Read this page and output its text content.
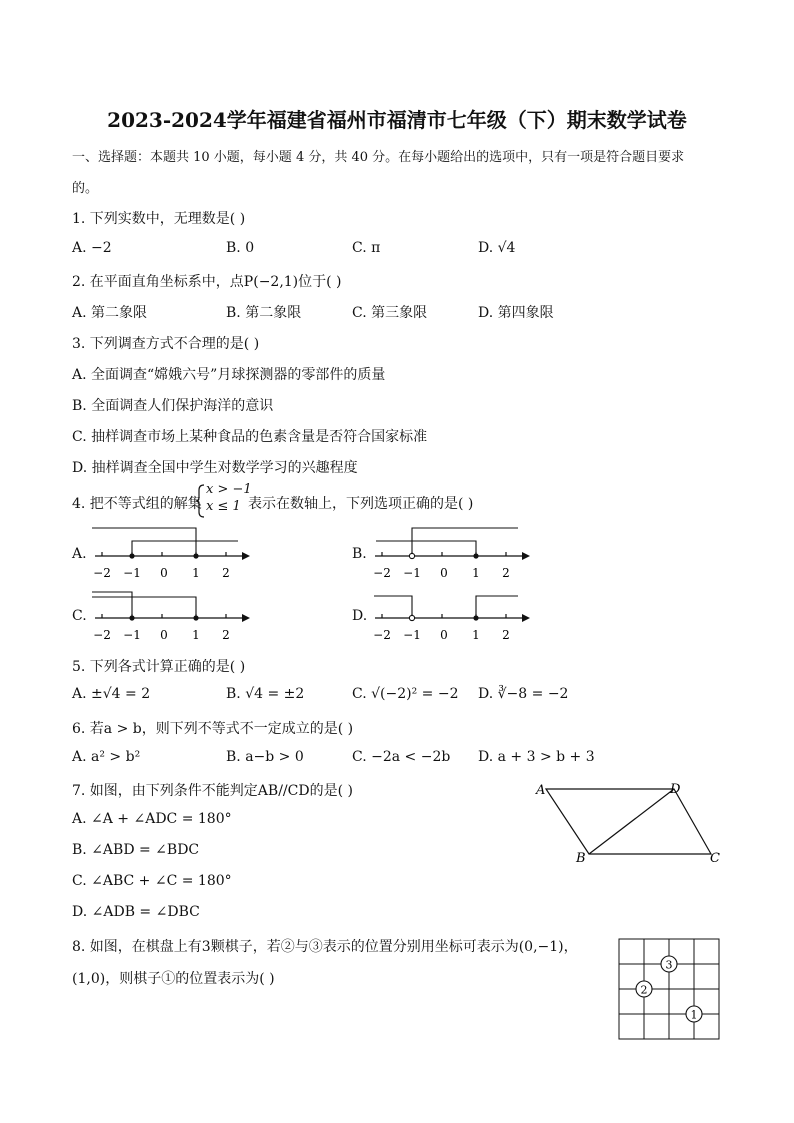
2023-2024学年福建省福州市福清市七年级（下）期末数学试卷
一、选择题：本题共 10 小题，每小题 4 分，共 40 分。在每小题给出的选项中，只有一项是符合题目要求
的。
1. 下列实数中，无理数是( )
A. −2	B. 0	C. π	D. √4
2. 在平面直角坐标系中，点P(−2,1)位于( )
A. 第二象限	B. 第二象限	C. 第三象限	D. 第四象限
3. 下列调查方式不合理的是( )
A. 全面调查“嫦娥六号”月球探测器的零部件的质量
B. 全面调查人们保护海洋的意识
C. 抽样调查市场上某种食品的色素含量是否符合国家标准
D. 抽样调查全国中学生对数学学习的兴趣程度
4. 把不等式组的解集
x > −1
x ≤ 1 表示在数轴上，下列选项正确的是( )
A.	B.
C.	D.
−2 −1 0 1 2	−2 −1 0 1 2
−2 −1 0 1 2	−2 −1 0 1 2
5. 下列各式计算正确的是( )
A. ±√4 = 2	B. √4 = ±2	C. √(−2)² = −2 D. ∛−8 = −2
6. 若a > b，则下列不等式不一定成立的是( )
A. a² > b²	B. a−b > 0	C. −2a < −2b D. a + 3 > b + 3
7. 如图，由下列条件不能判定AB//CD的是( )
A. ∠A + ∠ADC = 180°
B. ∠ABD = ∠BDC
C. ∠ABC + ∠C = 180°
D. ∠ADB = ∠DBC
A	D
B	C
8. 如图，在棋盘上有3颗棋子，若②与③表示的位置分别用坐标可表示为(0,−1)，
(1,0)，则棋子①的位置表示为( )
3
2
1
